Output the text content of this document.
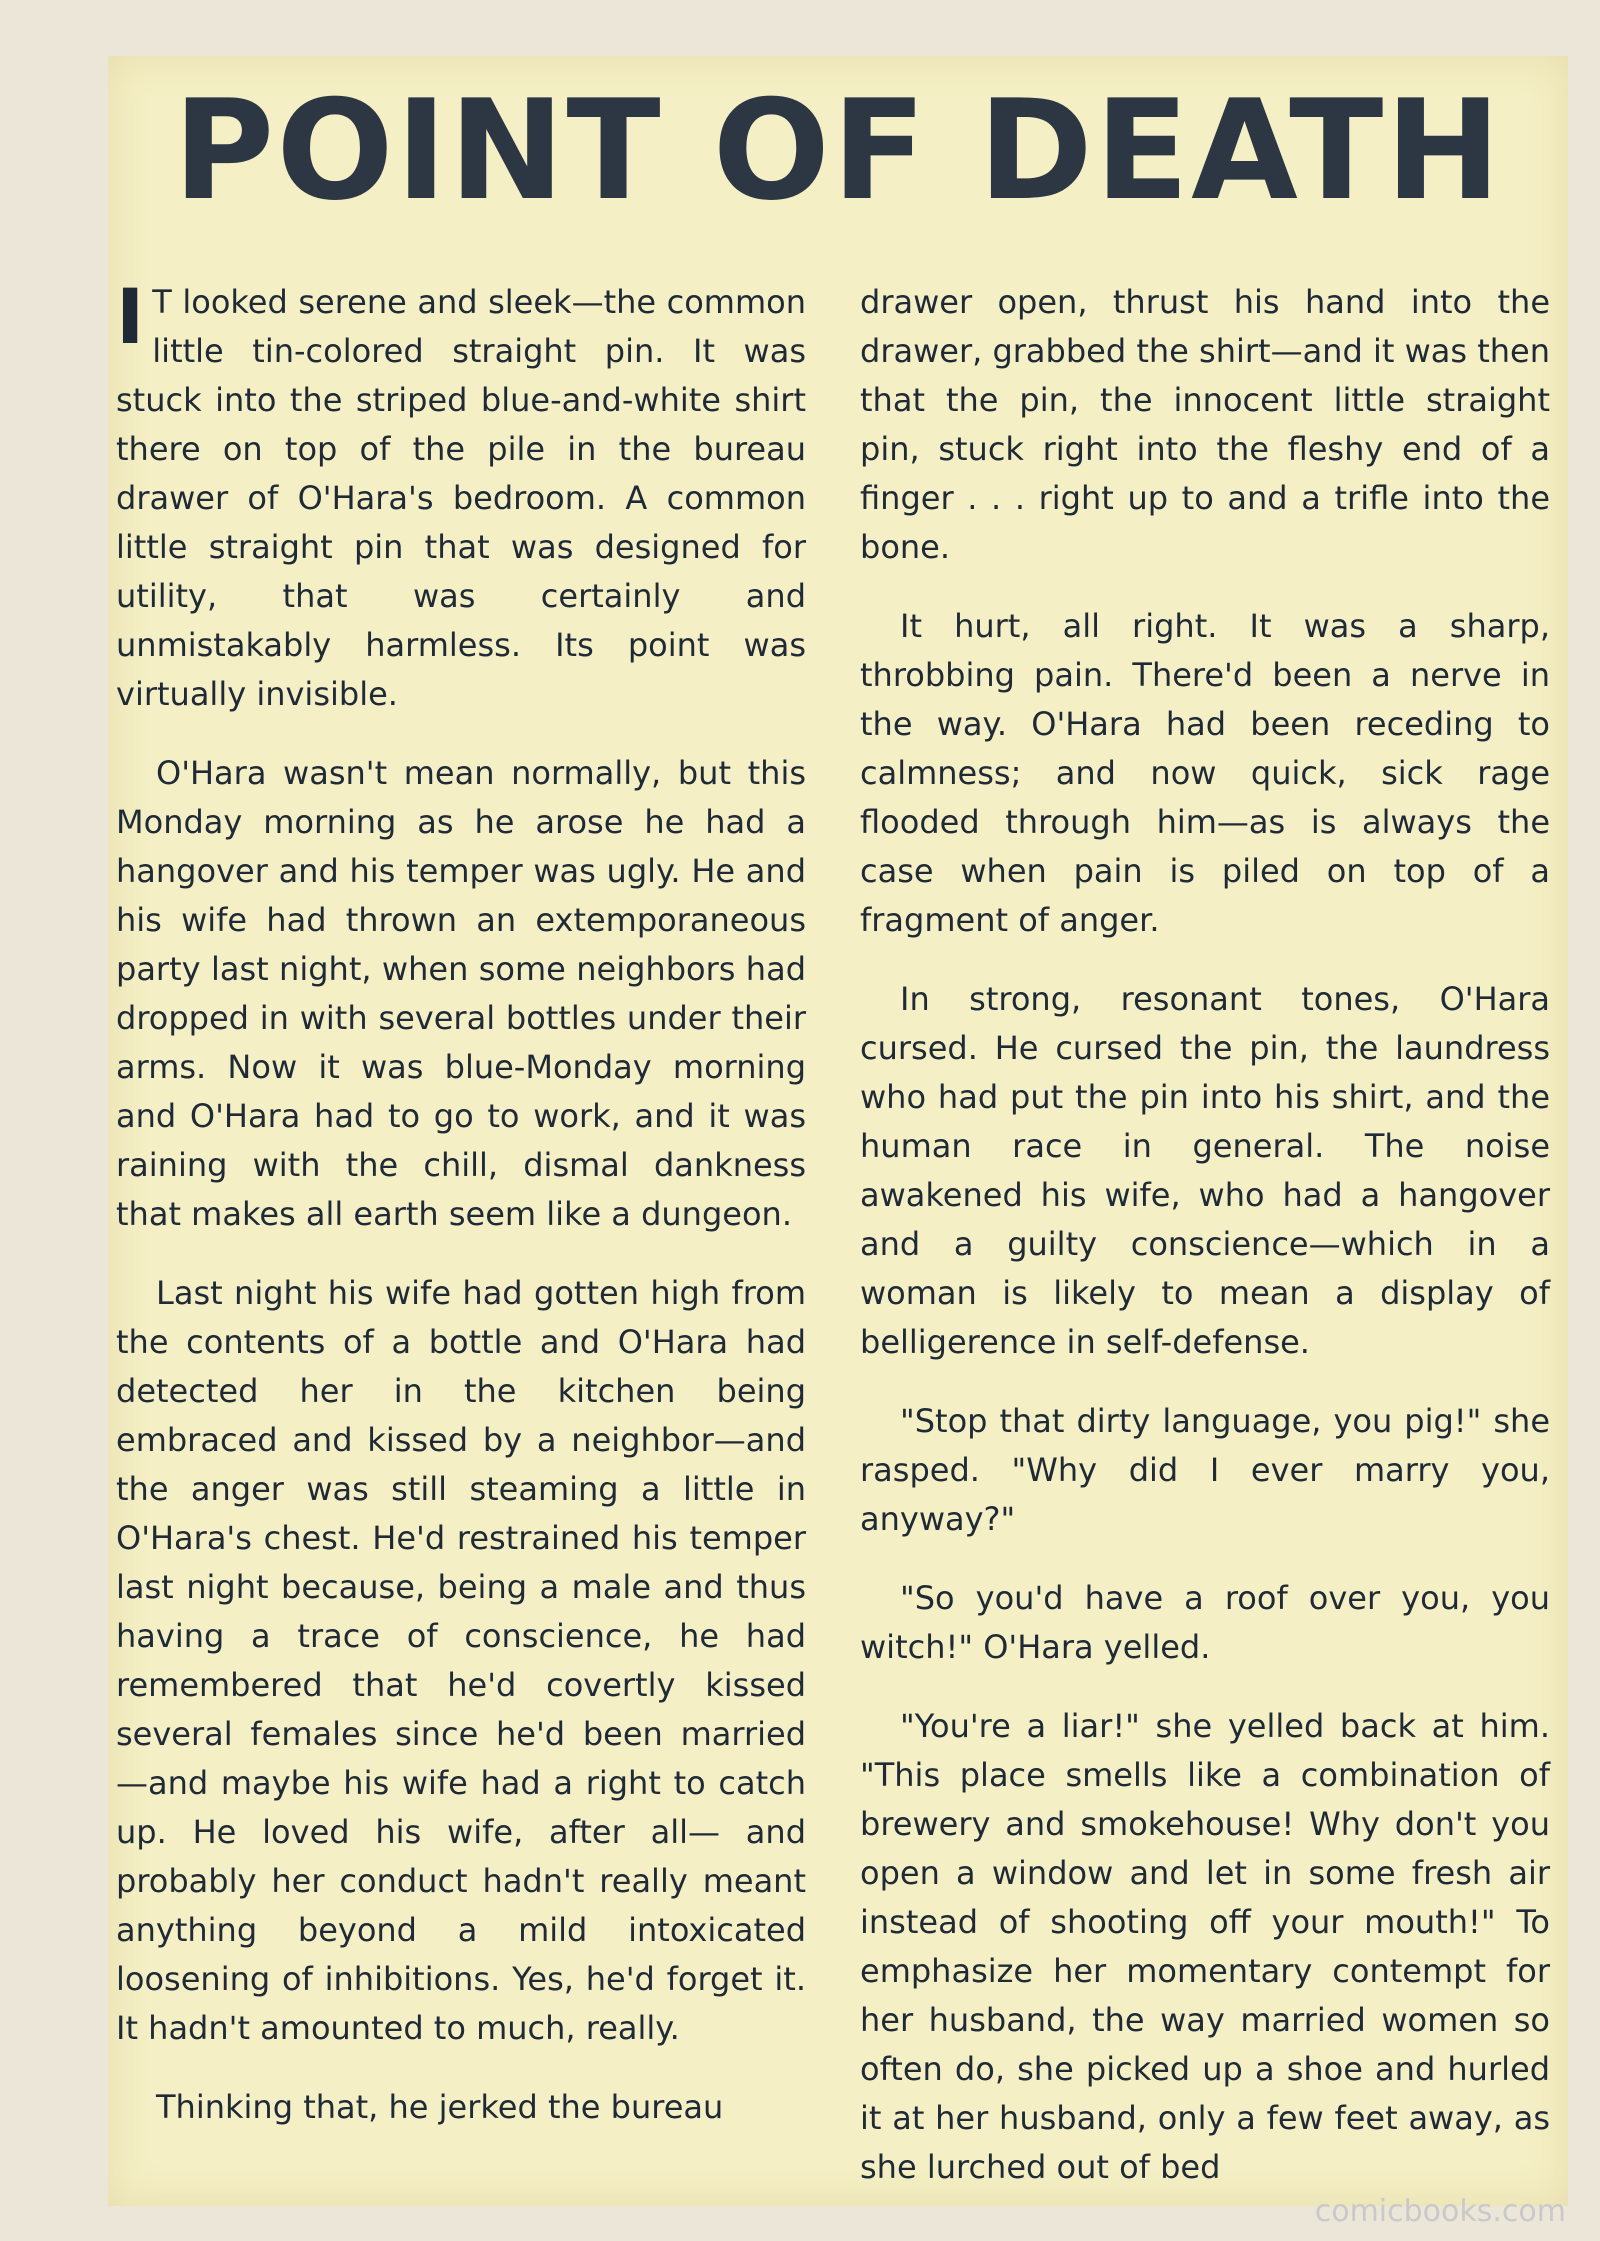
POINT OF DEATH

I T looked serene and sleek—the common little tin-colored straight pin. It was stuck into the striped blue-and-white shirt there on top of the pile in the bureau drawer of O'Hara's bedroom. A common little straight pin that was designed for utility, that was certainly and unmistakably harmless. Its point was virtually invisible.

O'Hara wasn't mean normally, but this Monday morning as he arose he had a hangover and his temper was ugly. He and his wife had thrown an extemporaneous party last night, when some neighbors had dropped in with several bottles under their arms. Now it was blue-Monday morning and O'Hara had to go to work, and it was raining with the chill, dismal dankness that makes all earth seem like a dungeon.

Last night his wife had gotten high from the contents of a bottle and O'Hara had detected her in the kitchen being embraced and kissed by a neighbor—and the anger was still steaming a little in O'Hara's chest. He'd restrained his temper last night because, being a male and thus having a trace of conscience, he had remembered that he'd covertly kissed several females since he'd been married —and maybe his wife had a right to catch up. He loved his wife, after all— and probably her conduct hadn't really meant anything beyond a mild intoxicated loosening of inhibitions. Yes, he'd forget it. It hadn't amounted to much, really.

Thinking that, he jerked the bureau

drawer open, thrust his hand into the drawer, grabbed the shirt—and it was then that the pin, the innocent little straight pin, stuck right into the fleshy end of a finger . . . right up to and a trifle into the bone.

It hurt, all right. It was a sharp, throbbing pain. There'd been a nerve in the way. O'Hara had been receding to calmness; and now quick, sick rage flooded through him—as is always the case when pain is piled on top of a fragment of anger.

In strong, resonant tones, O'Hara cursed. He cursed the pin, the laundress who had put the pin into his shirt, and the human race in general. The noise awakened his wife, who had a hangover and a guilty conscience—which in a woman is likely to mean a display of belligerence in self-defense.

"Stop that dirty language, you pig!" she rasped. "Why did I ever marry you, anyway?"

"So you'd have a roof over you, you witch!" O'Hara yelled.

"You're a liar!" she yelled back at him. "This place smells like a combination of brewery and smokehouse! Why don't you open a window and let in some fresh air instead of shooting off your mouth!" To emphasize her momentary contempt for her husband, the way married women so often do, she picked up a shoe and hurled it at her husband, only a few feet away, as she lurched out of bed

comicbooks.com
